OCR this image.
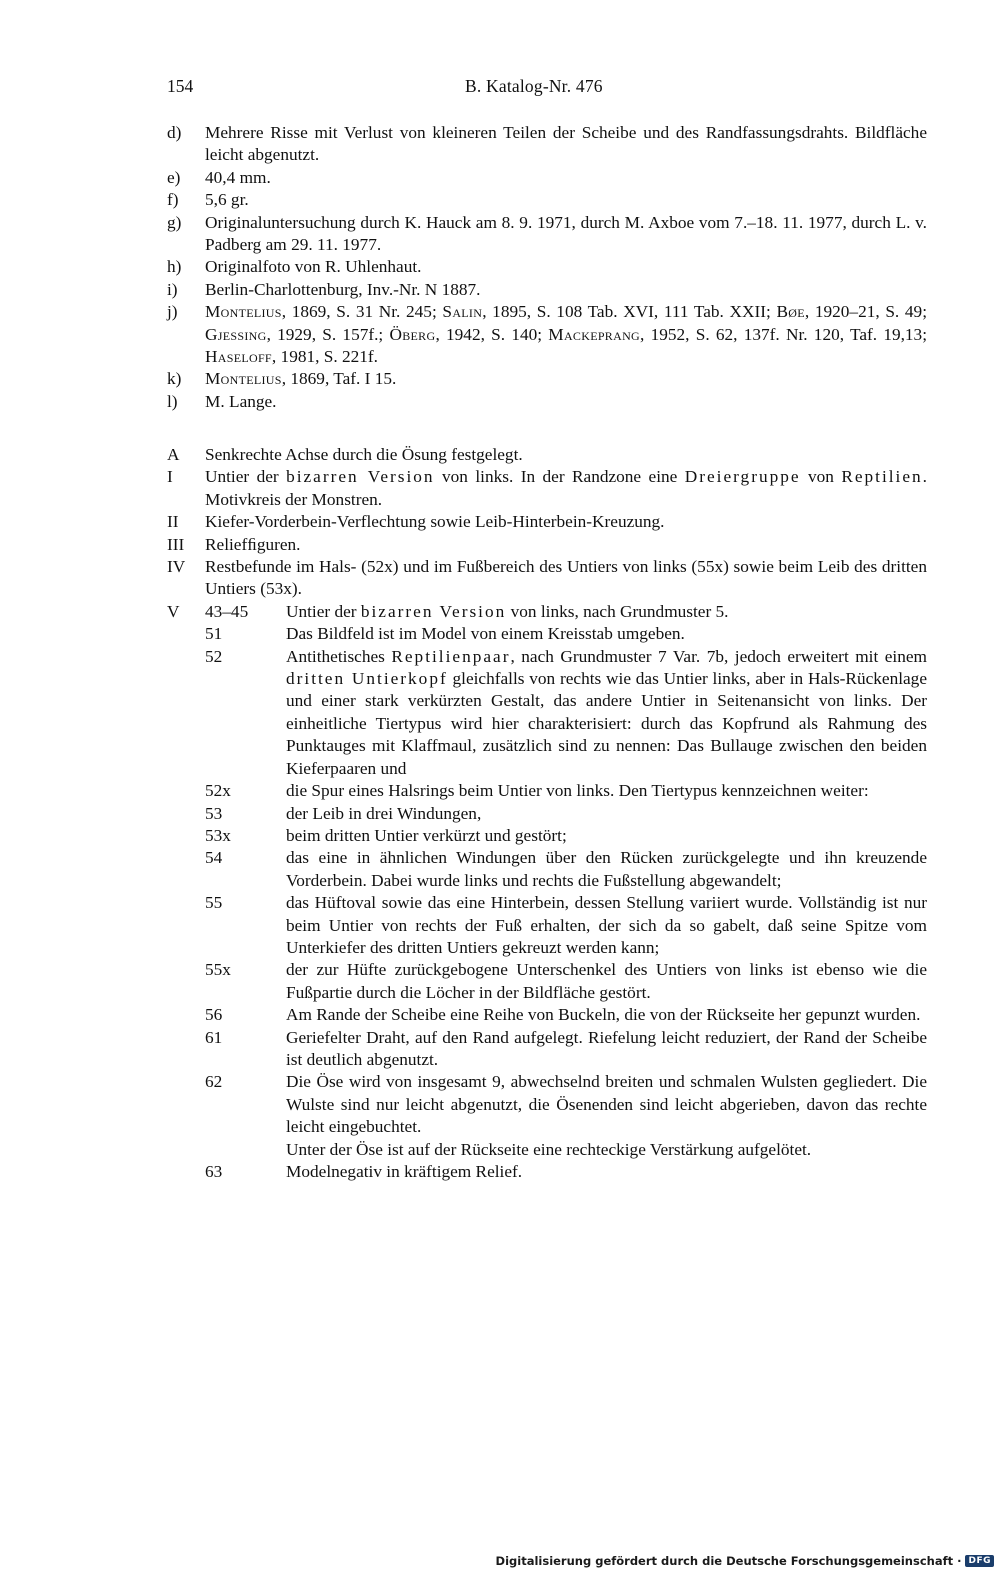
154	B. Katalog-Nr. 476
d)	Mehrere Risse mit Verlust von kleineren Teilen der Scheibe und des Randfassungsdrahts. Bildfläche leicht abgenutzt.
e)	40,4 mm.
f)	5,6 gr.
g)	Originaluntersuchung durch K. Hauck am 8. 9. 1971, durch M. Axboe vom 7.–18. 11. 1977, durch L. v. Padberg am 29. 11. 1977.
h)	Originalfoto von R. Uhlenhaut.
i)	Berlin-Charlottenburg, Inv.-Nr. N 1887.
j)	Montelius, 1869, S. 31 Nr. 245; Salin, 1895, S. 108 Tab. XVI, 111 Tab. XXII; Bøe, 1920–21, S. 49; Gjessing, 1929, S. 157f.; Öberg, 1942, S. 140; Mackeprang, 1952, S. 62, 137f. Nr. 120, Taf. 19,13; Haseloff, 1981, S. 221f.
k)	Montelius, 1869, Taf. I 15.
l)	M. Lange.
A	Senkrechte Achse durch die Ösung festgelegt.
I	Untier der bizarren Version von links. In der Randzone eine Dreiergruppe von Reptilien. Motivkreis der Monstren.
II	Kiefer-Vorderbein-Verflechtung sowie Leib-Hinterbein-Kreuzung.
III	Reliefﬁguren.
IV	Restbefunde im Hals- (52x) und im Fußbereich des Untiers von links (55x) sowie beim Leib des dritten Untiers (53x).
V	43–45	Untier der bizarren Version von links, nach Grundmuster 5.
51	Das Bildfeld ist im Model von einem Kreisstab umgeben.
52	Antithetisches Reptilienpaar, nach Grundmuster 7 Var. 7b, jedoch erweitert mit einem dritten Untierkopf gleichfalls von rechts wie das Untier links, aber in Hals-Rückenlage und einer stark verkürzten Gestalt, das andere Untier in Seitenansicht von links. Der einheitliche Tiertypus wird hier charakterisiert: durch das Kopfrund als Rahmung des Punktauges mit Klaffmaul, zusätzlich sind zu nennen: Das Bullauge zwischen den beiden Kieferpaaren und
52x	die Spur eines Halsrings beim Untier von links. Den Tiertypus kennzeichnen weiter:
53	der Leib in drei Windungen,
53x	beim dritten Untier verkürzt und gestört;
54	das eine in ähnlichen Windungen über den Rücken zurückgelegte und ihn kreuzende Vorderbein. Dabei wurde links und rechts die Fußstellung abgewandelt;
55	das Hüftoval sowie das eine Hinterbein, dessen Stellung variiert wurde. Vollständig ist nur beim Untier von rechts der Fuß erhalten, der sich da so gabelt, daß seine Spitze vom Unterkiefer des dritten Untiers gekreuzt werden kann;
55x	der zur Hüfte zurückgebogene Unterschenkel des Untiers von links ist ebenso wie die Fußpartie durch die Löcher in der Bildfläche gestört.
56	Am Rande der Scheibe eine Reihe von Buckeln, die von der Rückseite her gepunzt wurden.
61	Geriefelter Draht, auf den Rand aufgelegt. Riefelung leicht reduziert, der Rand der Scheibe ist deutlich abgenutzt.
62	Die Öse wird von insgesamt 9, abwechselnd breiten und schmalen Wulsten gegliedert. Die Wulste sind nur leicht abgenutzt, die Ösenenden sind leicht abgerieben, davon das rechte leicht eingebuchtet.
Unter der Öse ist auf der Rückseite eine rechteckige Verstärkung aufgelötet.
63	Modelnegativ in kräftigem Relief.
Digitalisierung gefördert durch die Deutsche Forschungsgemeinschaft · DFG
